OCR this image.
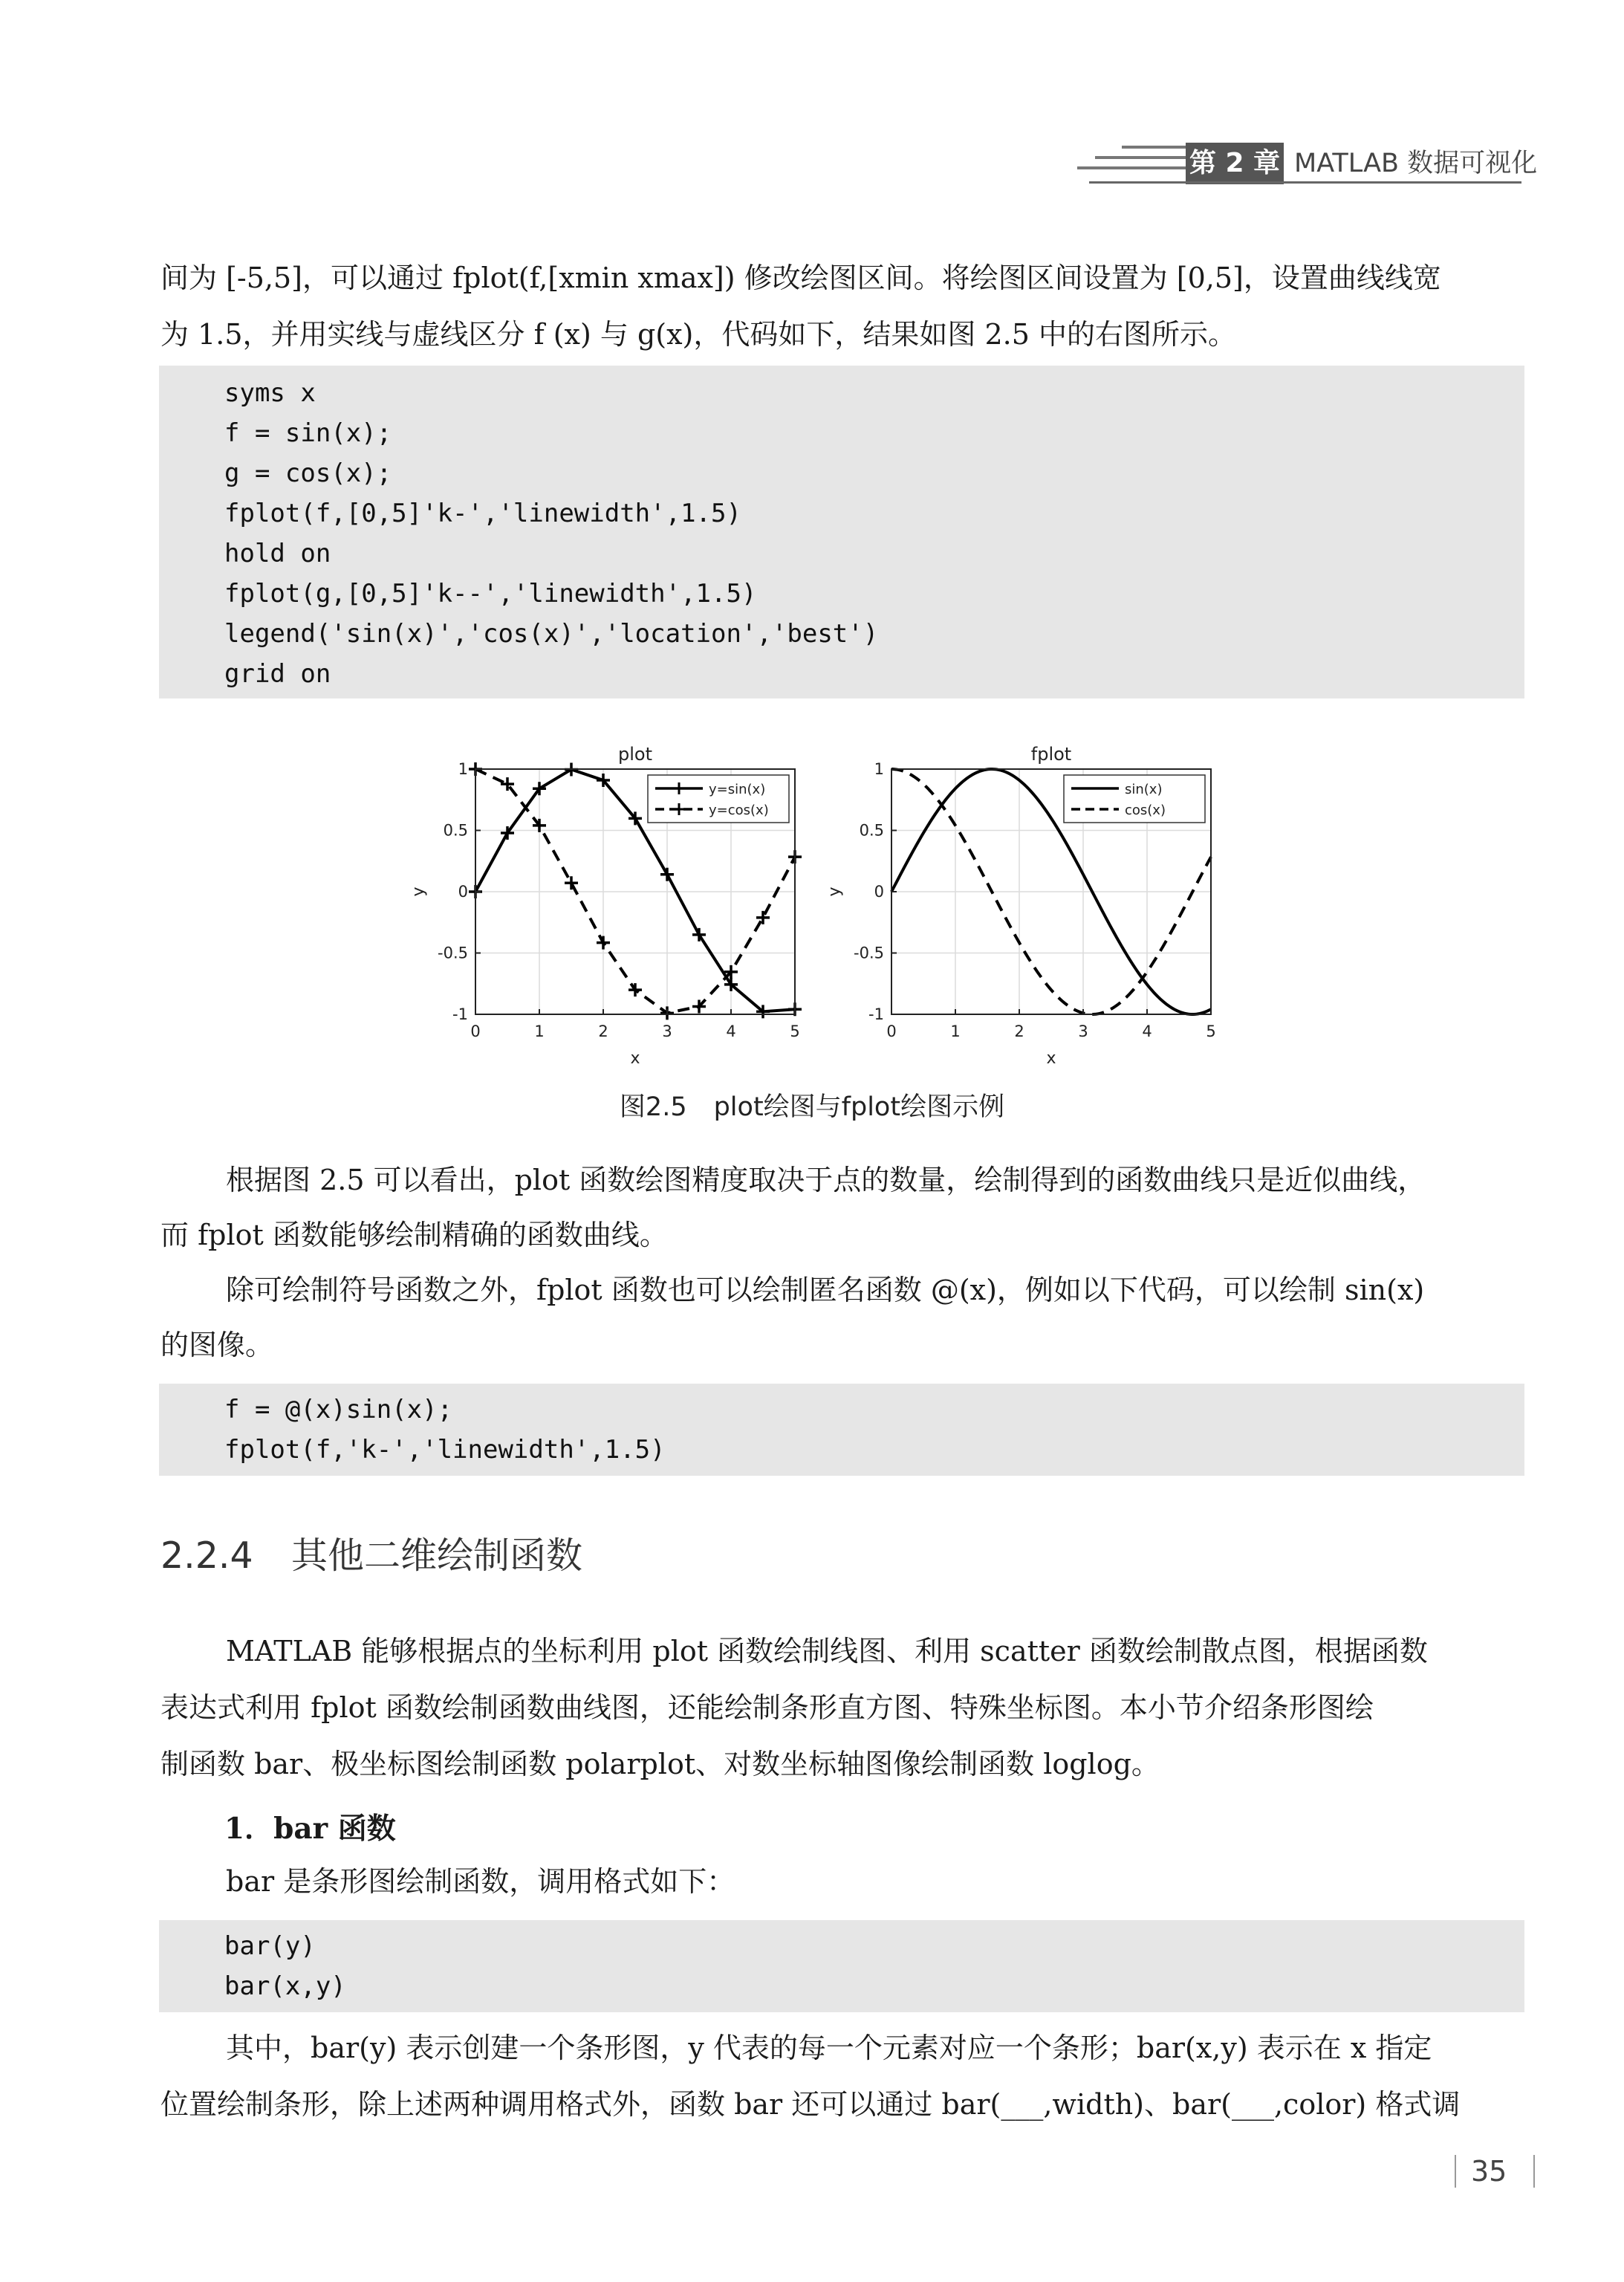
第 2 章 MATLAB 数据可视化
间为 [-5,5]，可以通过 fplot(f,[xmin xmax]) 修改绘图区间。将绘图区间设置为 [0,5]，设置曲线线宽
为 1.5，并用实线与虚线区分 f (x) 与 g(x)，代码如下，结果如图 2.5 中的右图所示。
syms x
f = sin(x);
g = cos(x);
fplot(f,[0,5]'k-','linewidth',1.5)
hold on
fplot(g,[0,5]'k--','linewidth',1.5)
legend('sin(x)','cos(x)','location','best')
grid on
0	1	2	3	4	5
1
0.5
0
-0.5
-1
plot
x
y
y=sin(x)
y=cos(x)
0	1	2	3	4	5
1
0.5
0
-0.5
-1
fplot
x
y
sin(x)
cos(x)
图2.5 plot绘图与fplot绘图示例
根据图 2.5 可以看出，plot 函数绘图精度取决于点的数量，绘制得到的函数曲线只是近似曲线，
而 fplot 函数能够绘制精确的函数曲线。
除可绘制符号函数之外，fplot 函数也可以绘制匿名函数 @(x)，例如以下代码，可以绘制 sin(x)
的图像。
f = @(x)sin(x);
fplot(f,'k-','linewidth',1.5)
2.2.4 其他二维绘制函数
MATLAB 能够根据点的坐标利用 plot 函数绘制线图、利用 scatter 函数绘制散点图，根据函数
表达式利用 fplot 函数绘制函数曲线图，还能绘制条形直方图、特殊坐标图。本小节介绍条形图绘
制函数 bar、极坐标图绘制函数 polarplot、对数坐标轴图像绘制函数 loglog。
1．bar 函数
bar 是条形图绘制函数，调用格式如下：
bar(y)
bar(x,y)
其中，bar(y) 表示创建一个条形图，y 代表的每一个元素对应一个条形；bar(x,y) 表示在 x 指定
位置绘制条形，除上述两种调用格式外，函数 bar 还可以通过 bar(___,width)、bar(___,color) 格式调
35
